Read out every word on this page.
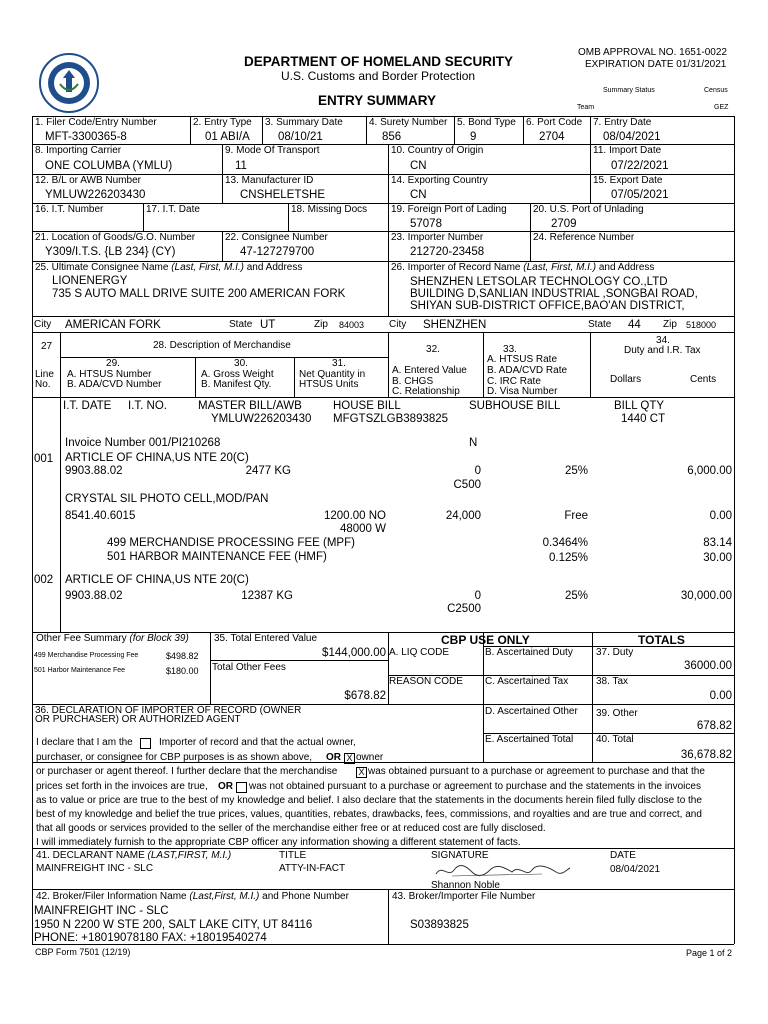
DEPARTMENT OF HOMELAND SECURITY
U.S. Customs and Border Protection
ENTRY SUMMARY
OMB APPROVAL NO. 1651-0022
EXPIRATION DATE 01/31/2021
Summary Status	Census
Team	GEZ
1. Filer Code/Entry Number
MFT-3300365-8
2. Entry Type
01 ABI/A
3. Summary Date
08/10/21
4. Surety Number
856
5. Bond Type
9
6. Port Code
2704
7. Entry Date
08/04/2021
8. Importing Carrier
ONE COLUMBA (YMLU)
9. Mode Of Transport
11
10. Country of Origin
CN
11. Import Date
07/22/2021
12. B/L or AWB Number
YMLUW226203430
13. Manufacturer ID
CNSHELETSHE
14. Exporting Country
CN
15. Export Date
07/05/2021
16. I.T. Number	17. I.T. Date	18. Missing Docs 19. Foreign Port of Lading
57078
20. U.S. Port of Unlading
2709
21. Location of Goods/G.O. Number
Y309/I.T.S. {LB 234} (CY)
22. Consignee Number
47-127279700
23. Importer Number
212720-23458
24. Reference Number
25. Ultimate Consignee Name (Last, First, M.I.) and Address
LIONENERGY
735 S AUTO MALL DRIVE SUITE 200 AMERICAN FORK
26. Importer of Record Name (Last, First, M.I.) and Address
SHENZHEN LETSOLAR TECHNOLOGY CO.,LTD
BUILDING D,SANLIAN INDUSTRIAL ,SONGBAI ROAD,
SHIYAN SUB-DISTRICT OFFICE,BAO'AN DISTRICT,
City AMERICAN FORK	State UT	Zip 84003 City SHENZHEN	State 44 Zip 518000
27	28. Description of Merchandise
Line
No.
29.
A. HTSUS Number
B. ADA/CVD Number
30.
A. Gross Weight
B. Manifest Qty.
31.
Net Quantity in
HTSUS Units
32.
A. Entered Value
B. CHGS
C. Relationship
33.
A. HTSUS Rate
B. ADA/CVD Rate
C. IRC Rate
D. Visa Number
34.
Duty and I.R. Tax
Dollars	Cents
I.T. DATE I.T. NO.	MASTER BILL/AWB
YMLUW226203430
HOUSE BILL
MFGTSZLGB3893825
SUBHOUSE BILL	BILL QTY
1440 CT
Invoice Number 001/PI210268	N
001 ARTICLE OF CHINA,US NTE 20(C)
9903.88.02	2477 KG	0
C500
25%	6,000.00
CRYSTAL SIL PHOTO CELL,MOD/PAN
8541.40.6015	1200.00 NO
48000 W
24,000	Free	0.00
499 MERCHANDISE PROCESSING FEE (MPF)	0.3464%	83.14
501 HARBOR MAINTENANCE FEE (HMF)	0.125%	30.00
002 ARTICLE OF CHINA,US NTE 20(C)
9903.88.02	12387 KG	0
C2500
25%	30,000.00
Other Fee Summary (for Block 39)
499 Merchandise Processing Fee	$498.82
501 Harbor Maintenance Fee	$180.00
35. Total Entered Value
$144,000.00
Total Other Fees
$678.82
CBP USE ONLY	TOTALS
A. LIQ CODE	B. Ascertained Duty 37. Duty
36000.00
REASON CODE C. Ascertained Tax	38. Tax
0.00
D. Ascertained Other 39. Other
678.82
E. Ascertained Total 40. Total
36,678.82
36. DECLARATION OF IMPORTER OF RECORD (OWNER
OR PURCHASER) OR AUTHORIZED AGENT
I declare that I am the	Importer of record and that the actual owner,
purchaser, or consignee for CBP purposes is as shown above, OR X owner
or purchaser or agent thereof. I further declare that the merchandise X was obtained pursuant to a purchase or agreement to purchase and that the
prices set forth in the invoices are true, OR was not obtained pursuant to a purchase or agreement to purchase and the statements in the invoices
as to value or price are true to the best of my knowledge and belief. I also declare that the statements in the documents herein filed fully disclose to the
best of my knowledge and belief the true prices, values, quantities, rebates, drawbacks, fees, commissions, and royalties and are true and correct, and
that all goods or services provided to the seller of the merchandise either free or at reduced cost are fully disclosed.
I will immediately furnish to the appropriate CBP officer any information showing a different statement of facts.
41. DECLARANT NAME (LAST,FIRST, M.I.)
MAINFREIGHT INC - SLC
TITLE
ATTY-IN-FACT
SIGNATURE
Shannon Noble
DATE
08/04/2021
42. Broker/Filer Information Name (Last,First, M.I.) and Phone Number
MAINFREIGHT INC - SLC
1950 N 2200 W STE 200, SALT LAKE CITY, UT 84116
PHONE: +18019078180 FAX: +18019540274
43. Broker/Importer File Number
S03893825
CBP Form 7501 (12/19)	Page 1 of 2
